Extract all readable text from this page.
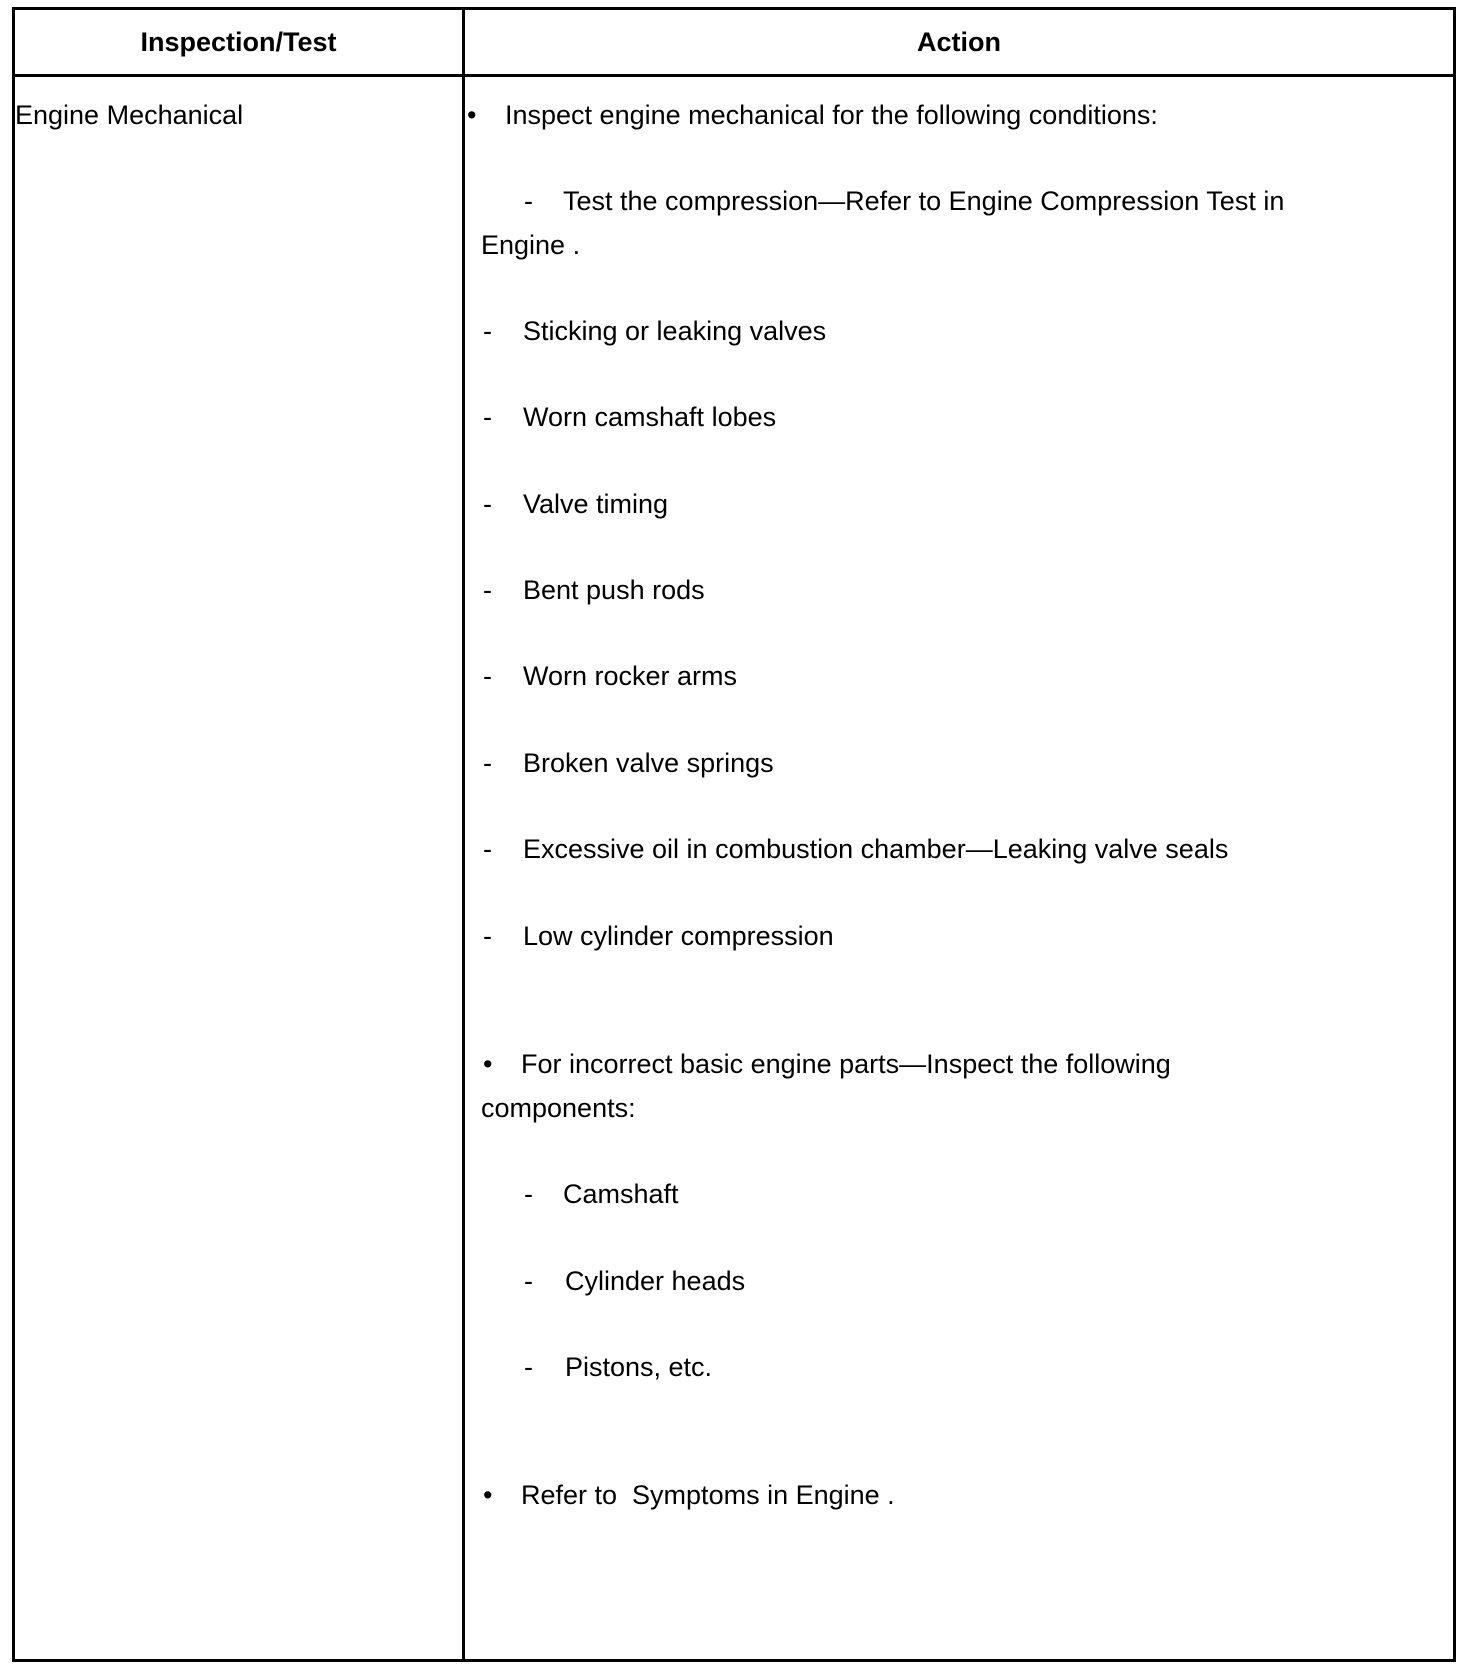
Inspection/Test	Action
Engine Mechanical	• Inspect engine mechanical for the following conditions:
- Test the compression—Refer to Engine Compression Test in
Engine .
- Sticking or leaking valves
- Worn camshaft lobes
- Valve timing
- Bent push rods
- Worn rocker arms
- Broken valve springs
- Excessive oil in combustion chamber—Leaking valve seals
- Low cylinder compression
• For incorrect basic engine parts—Inspect the following
components:
- Camshaft
- Cylinder heads
- Pistons, etc.
• Refer to  Symptoms in Engine .
